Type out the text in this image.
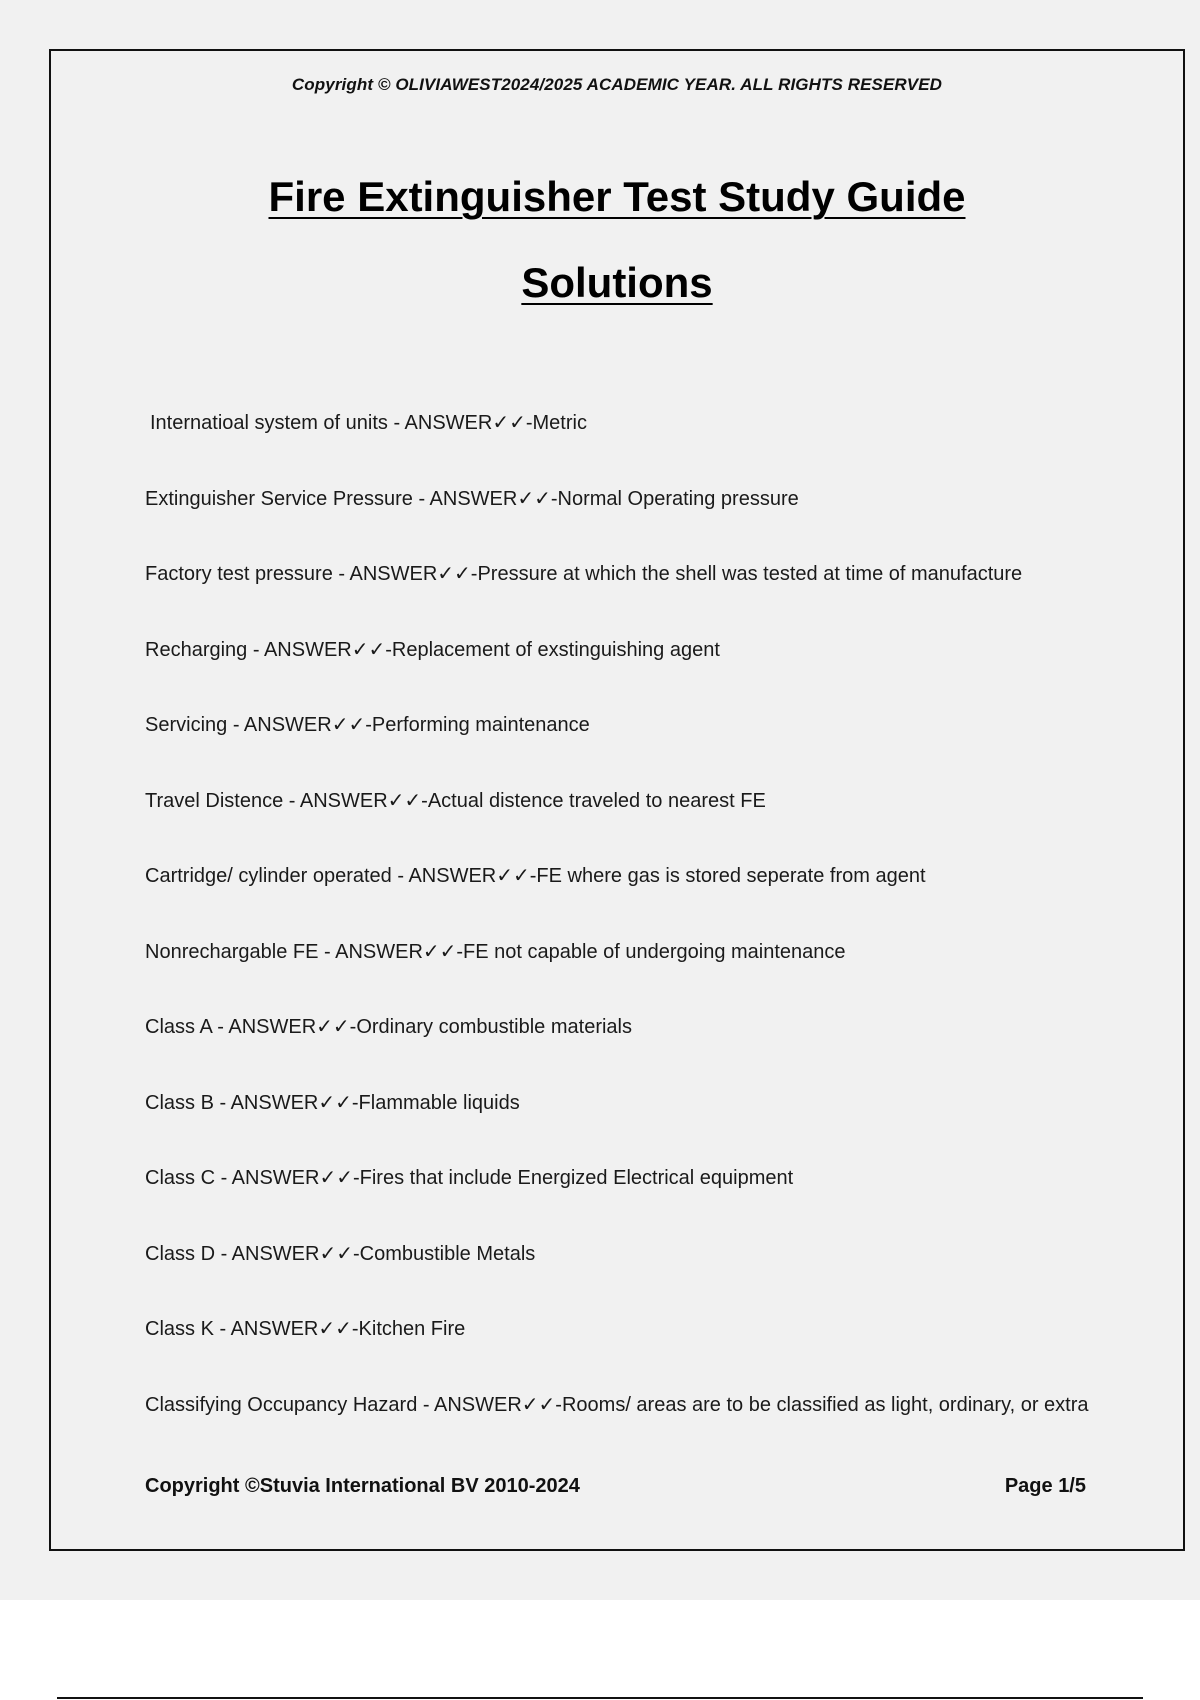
Copyright © OLIVIAWEST2024/2025 ACADEMIC YEAR. ALL RIGHTS RESERVED
Fire Extinguisher Test Study Guide
Solutions
Internatioal system of units - ANSWER✓✓-Metric
Extinguisher Service Pressure - ANSWER✓✓-Normal Operating pressure
Factory test pressure - ANSWER✓✓-Pressure at which the shell was tested at time of manufacture
Recharging - ANSWER✓✓-Replacement of exstinguishing agent
Servicing - ANSWER✓✓-Performing maintenance
Travel Distence - ANSWER✓✓-Actual distence traveled to nearest FE
Cartridge/ cylinder operated - ANSWER✓✓-FE where gas is stored seperate from agent
Nonrechargable FE - ANSWER✓✓-FE not capable of undergoing maintenance
Class A - ANSWER✓✓-Ordinary combustible materials
Class B - ANSWER✓✓-Flammable liquids
Class C - ANSWER✓✓-Fires that include Energized Electrical equipment
Class D - ANSWER✓✓-Combustible Metals
Class K - ANSWER✓✓-Kitchen Fire
Classifying Occupancy Hazard - ANSWER✓✓-Rooms/ areas are to be classified as light, ordinary, or extra
Copyright ©Stuvia International BV 2010-2024	Page 1/5
